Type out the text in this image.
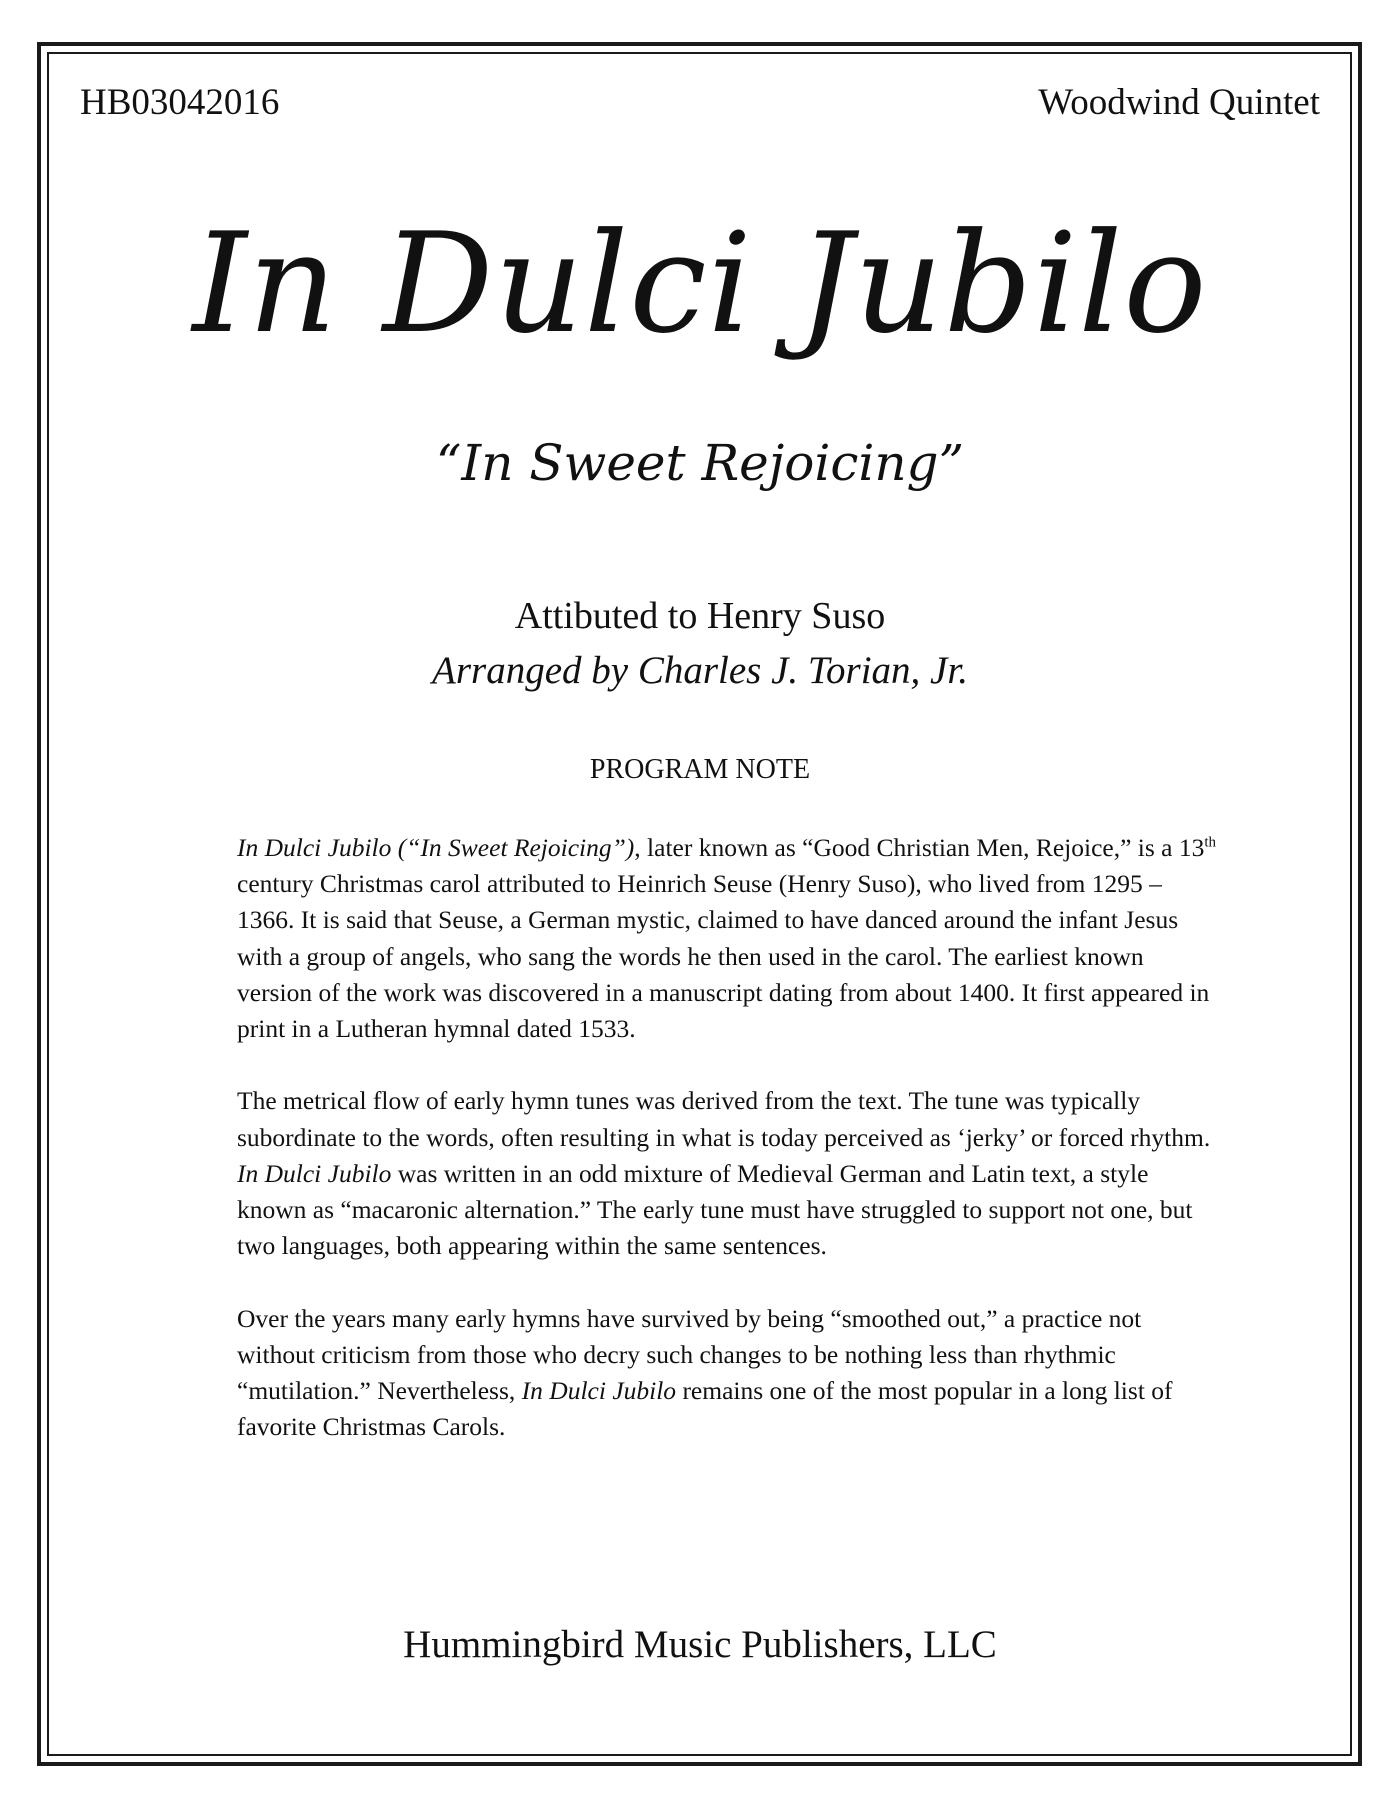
HB03042016	Woodwind Quintet
In Dulci Jubilo
“In Sweet Rejoicing”
Attibuted to Henry Suso
Arranged by Charles J. Torian, Jr.
PROGRAM NOTE

In Dulci Jubilo (“In Sweet Rejoicing”), later known as “Good Christian Men, Rejoice,” is a 13th century Christmas carol attributed to Heinrich Seuse (Henry Suso), who lived from 1295 – 1366. It is said that Seuse, a German mystic, claimed to have danced around the infant Jesus with a group of angels, who sang the words he then used in the carol. The earliest known version of the work was discovered in a manuscript dating from about 1400. It first appeared in print in a Lutheran hymnal dated 1533.

The metrical flow of early hymn tunes was derived from the text. The tune was typically subordinate to the words, often resulting in what is today perceived as ‘jerky’ or forced rhythm. In Dulci Jubilo was written in an odd mixture of Medieval German and Latin text, a style known as “macaronic alternation.” The early tune must have struggled to support not one, but two languages, both appearing within the same sentences.

Over the years many early hymns have survived by being “smoothed out,” a practice not without criticism from those who decry such changes to be nothing less than rhythmic “mutilation.” Nevertheless, In Dulci Jubilo remains one of the most popular in a long list of favorite Christmas Carols.

Hummingbird Music Publishers, LLC
